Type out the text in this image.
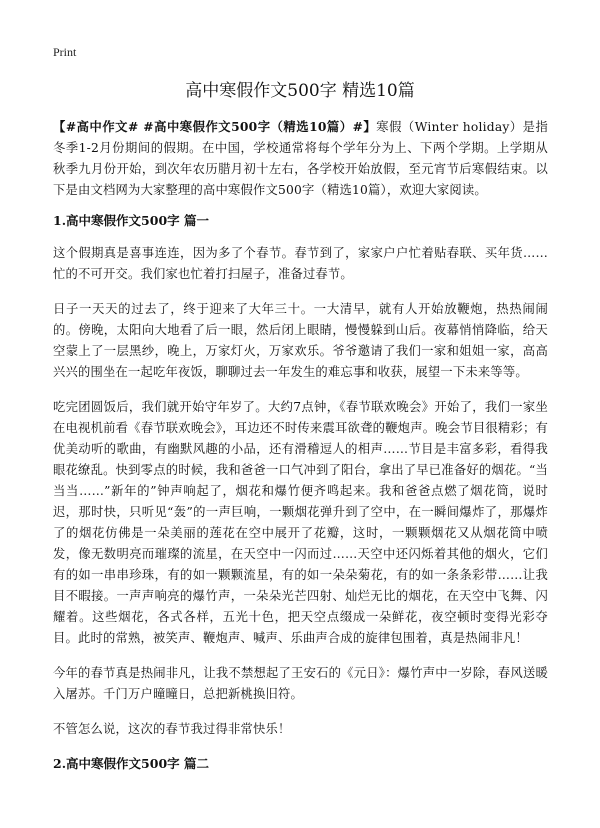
Print
高中寒假作文500字 精选10篇

【#高中作文# #高中寒假作文500字（精选10篇）#】寒假（Winter holiday）是指冬季1-2月份期间的假期。在中国，学校通常将每个学年分为上、下两个学期。上学期从秋季九月份开始，到次年农历腊月初十左右，各学校开始放假，至元宵节后寒假结束。以下是由文档网为大家整理的高中寒假作文500字（精选10篇），欢迎大家阅读。

1.高中寒假作文500字 篇一

这个假期真是喜事连连，因为多了个春节。春节到了，家家户户忙着贴春联、买年货……忙的不可开交。我们家也忙着打扫屋子，准备过春节。

日子一天天的过去了，终于迎来了大年三十。一大清早，就有人开始放鞭炮，热热闹闹的。傍晚，太阳向大地看了后一眼，然后闭上眼睛，慢慢躲到山后。夜幕悄悄降临，给天空蒙上了一层黑纱，晚上，万家灯火，万家欢乐。爷爷邀请了我们一家和姐姐一家，高高兴兴的围坐在一起吃年夜饭，聊聊过去一年发生的难忘事和收获，展望一下未来等等。

吃完团圆饭后，我们就开始守年岁了。大约7点钟，《春节联欢晚会》开始了，我们一家坐在电视机前看《春节联欢晚会》，耳边还不时传来震耳欲聋的鞭炮声。晚会节目很精彩；有优美动听的歌曲，有幽默风趣的小品，还有滑稽逗人的相声……节目是丰富多彩，看得我眼花缭乱。快到零点的时候，我和爸爸一口气冲到了阳台，拿出了早已准备好的烟花。“当当当……”新年的”钟声响起了，烟花和爆竹便齐鸣起来。我和爸爸点燃了烟花筒，说时迟，那时快，只听见“轰”的一声巨响，一颗烟花弹升到了空中，在一瞬间爆炸了，那爆炸了的烟花仿佛是一朵美丽的莲花在空中展开了花瓣，这时，一颗颗烟花又从烟花筒中喷发，像无数明亮而璀璨的流星，在天空中一闪而过……天空中还闪烁着其他的烟火，它们有的如一串串珍珠，有的如一颗颗流星，有的如一朵朵菊花，有的如一条条彩带……让我目不暇接。一声声响亮的爆竹声，一朵朵光芒四射、灿烂无比的烟花，在天空中飞舞、闪耀着。这些烟花，各式各样，五光十色，把天空点缀成一朵鲜花，夜空顿时变得光彩夺目。此时的常熟，被笑声、鞭炮声、喊声、乐曲声合成的旋律包围着，真是热闹非凡！

今年的春节真是热闹非凡，让我不禁想起了王安石的《元日》：爆竹声中一岁除，春风送暖入屠苏。千门万户曈曈日，总把新桃换旧符。

不管怎么说，这次的春节我过得非常快乐！

2.高中寒假作文500字 篇二
